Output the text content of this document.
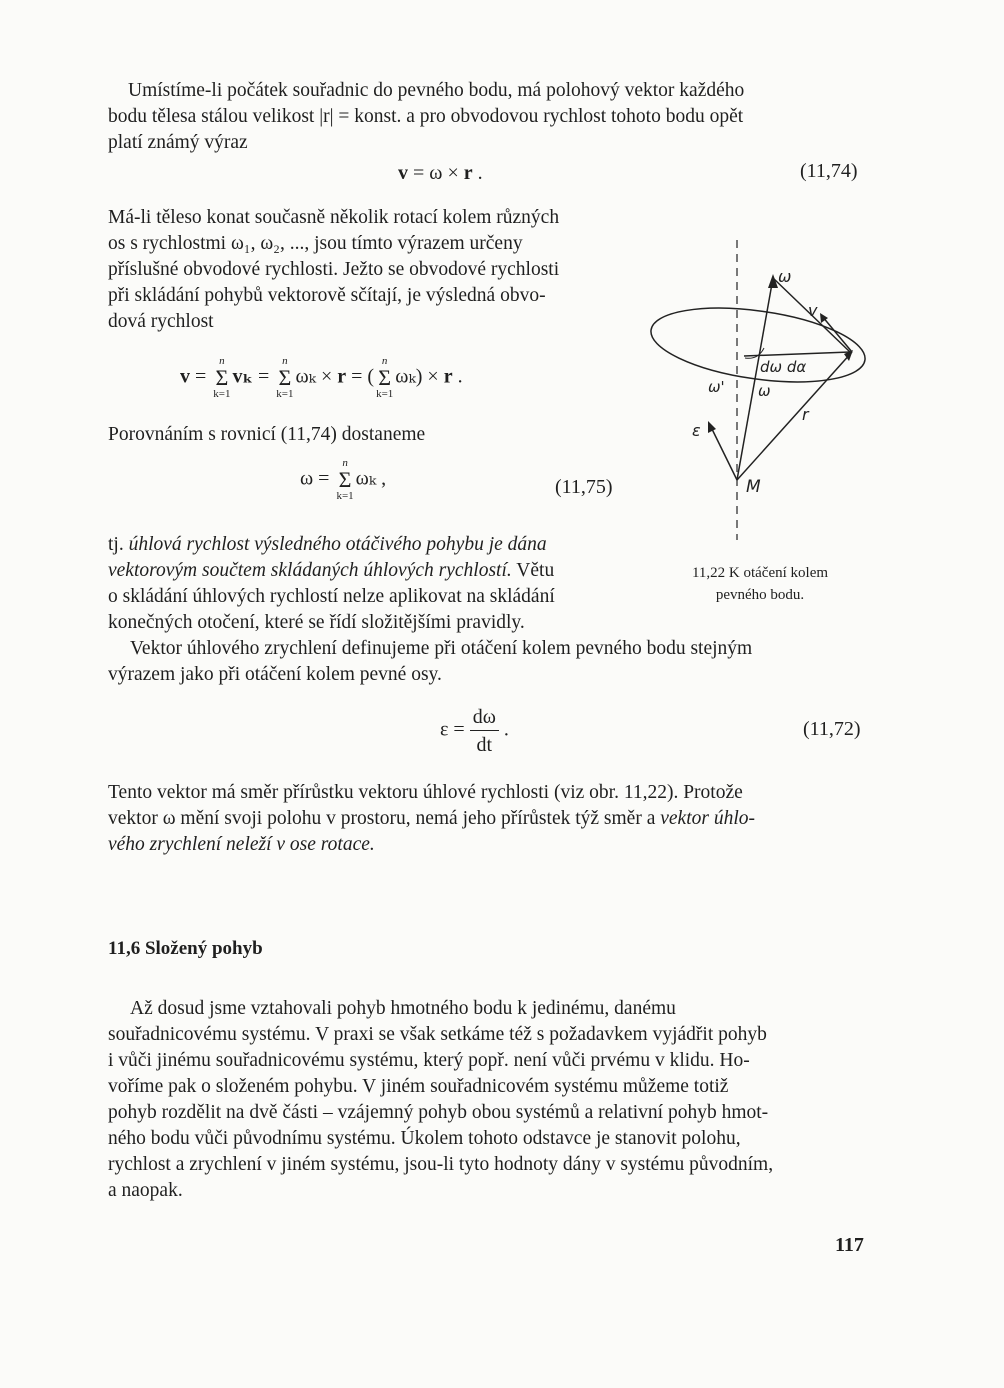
Umístíme-li počátek souřadnic do pevného bodu, má polohový vektor každého
bodu tělesa stálou velikost |r| = konst. a pro obvodovou rychlost tohoto bodu opět
platí známý výraz
v = ω × r .	(11,74)
Má-li těleso konat současně několik rotací kolem různých
os s rychlostmi ω₁, ω₂, ..., jsou tímto výrazem určeny
příslušné obvodové rychlosti. Ježto se obvodové rychlosti
při skládání pohybů vektorově sčítají, je výsledná obvo-
dová rychlost
v =
n
Σ
k=1
vₖ =
n
Σ
k=1
ωₖ × r = (
n
Σ
k=1
ωₖ) × r .
Porovnáním s rovnicí (11,74) dostaneme
ω =
n
Σ
k=1
ωₖ ,	(11,75)
tj. úhlová rychlost výsledného otáčivého pohybu je dána
vektorovým součtem skládaných úhlových rychlostí. Větu
o skládání úhlových rychlostí nelze aplikovat na skládání
konečných otočení, které se řídí složitějšími pravidly.
Vektor úhlového zrychlení definujeme při otáčení kolem pevného bodu stejným
výrazem jako při otáčení kolem pevné osy.
$\varepsilon = \frac{d\omega}{dt}$ .	(11,72)
Tento vektor má směr přírůstku vektoru úhlové rychlosti (viz obr. 11,22). Protože
vektor ω mění svoji polohu v prostoru, nemá jeho přírůstek týž směr a vektor úhlo-
vého zrychlení neleží v ose rotace.
11,6 Složený pohyb
Až dosud jsme vztahovali pohyb hmotného bodu k jedinému, danému
souřadnicovému systému. V praxi se však setkáme též s požadavkem vyjádřit pohyb
i vůči jinému souřadnicovému systému, který popř. není vůči prvému v klidu. Ho-
voříme pak o složeném pohybu. V jiném souřadnicovém systému můžeme totiž
pohyb rozdělit na dvě části – vzájemný pohyb obou systémů a relativní pohyb hmot-
ného bodu vůči původnímu systému. Úkolem tohoto odstavce je stanovit polohu,
rychlost a zrychlení v jiném systému, jsou-li tyto hodnoty dány v systému původním,
a naopak.
ω
v
dω dα
ω' ω
r
ε
M
11,22 K otáčení kolem
pevného bodu.
117
